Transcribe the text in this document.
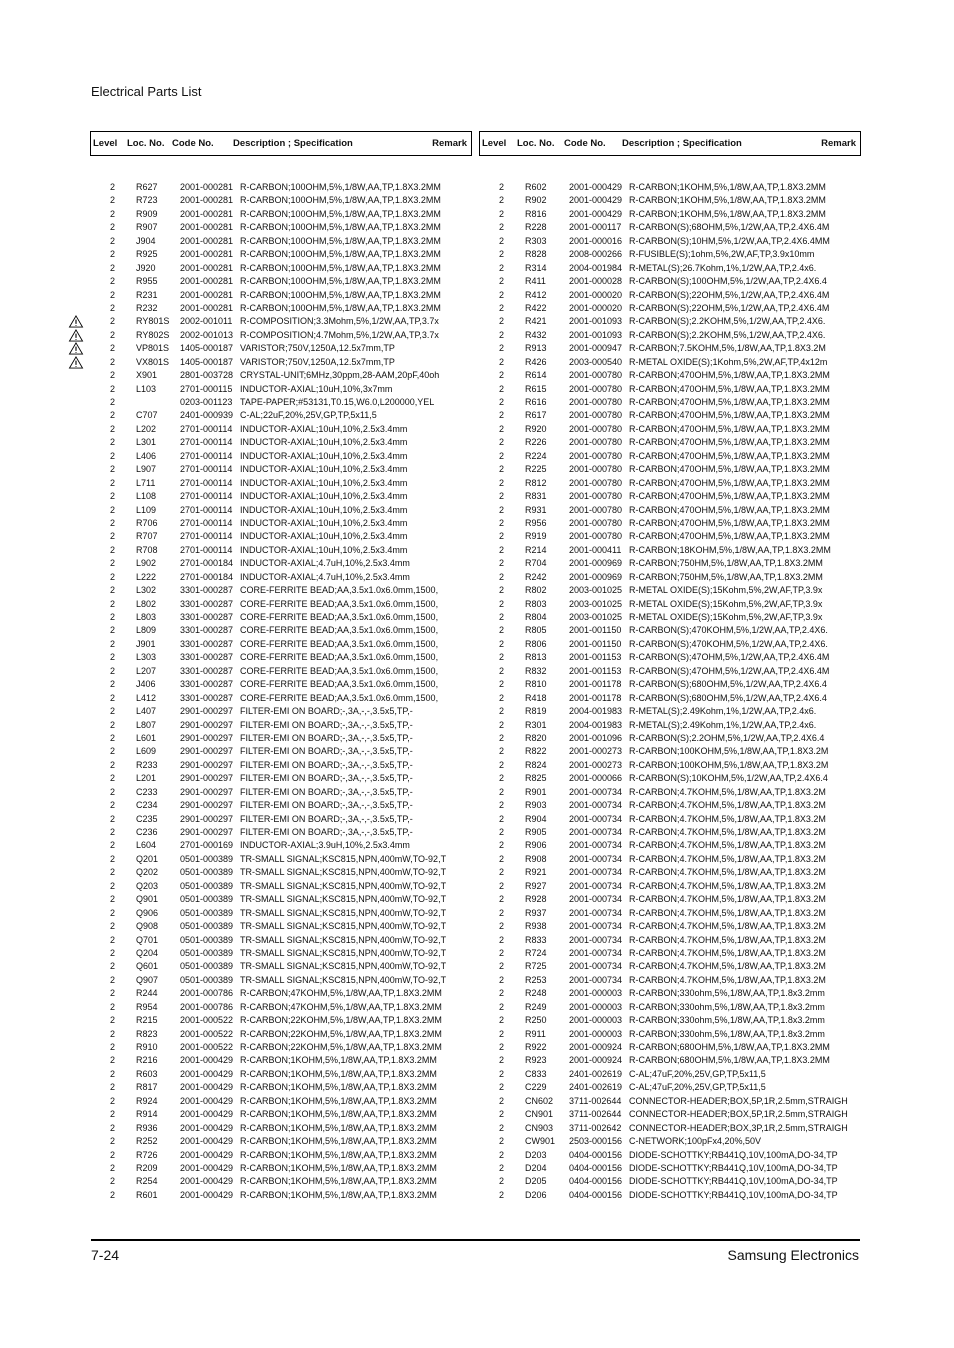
Electrical Parts List
Level Loc. No. Code No. Description ; Specification	Remark Level Loc. No. Code No. Description ; Specification	Remark
2 R627 2001-000281 R-CARBON;100OHM,5%,1/8W,AA,TP,1.8X3.2MM
2 R723 2001-000281 R-CARBON;100OHM,5%,1/8W,AA,TP,1.8X3.2MM
2 R909 2001-000281 R-CARBON;100OHM,5%,1/8W,AA,TP,1.8X3.2MM
2 R907 2001-000281 R-CARBON;100OHM,5%,1/8W,AA,TP,1.8X3.2MM
2 J904	2001-000281 R-CARBON;100OHM,5%,1/8W,AA,TP,1.8X3.2MM
2 R925 2001-000281 R-CARBON;100OHM,5%,1/8W,AA,TP,1.8X3.2MM
2 J920	2001-000281 R-CARBON;100OHM,5%,1/8W,AA,TP,1.8X3.2MM
2 R955 2001-000281 R-CARBON;100OHM,5%,1/8W,AA,TP,1.8X3.2MM
2 R231 2001-000281 R-CARBON;100OHM,5%,1/8W,AA,TP,1.8X3.2MM
2 R232 2001-000281 R-CARBON;100OHM,5%,1/8W,AA,TP,1.8X3.2MM
2 RY801S 2002-001011 R-COMPOSITION;3.3Mohm,5%,1/2W,AA,TP,3.7x
2 RY802S 2002-001013 R-COMPOSITION;4.7Mohm,5%,1/2W,AA,TP,3.7x
2 VP801S 1405-000187 VARISTOR;750V,1250A,12.5x7mm,TP
2 VX801S 1405-000187 VARISTOR;750V,1250A,12.5x7mm,TP
2 X901	2801-003728 CRYSTAL-UNIT;6MHz,30ppm,28-AAM,20pF,40oh
2 L103	2701-000115 INDUCTOR-AXIAL;10uH,10%,3x7mm
2	0203-001123 TAPE-PAPER;#53131,T0.15,W6.0,L200000,YEL
2 C707 2401-000939 C-AL;22uF,20%,25V,GP,TP,5x11,5
2 L202	2701-000114 INDUCTOR-AXIAL;10uH,10%,2.5x3.4mm
2 L301	2701-000114 INDUCTOR-AXIAL;10uH,10%,2.5x3.4mm
2 L406	2701-000114 INDUCTOR-AXIAL;10uH,10%,2.5x3.4mm
2 L907	2701-000114 INDUCTOR-AXIAL;10uH,10%,2.5x3.4mm
2 L711	2701-000114 INDUCTOR-AXIAL;10uH,10%,2.5x3.4mm
2 L108	2701-000114 INDUCTOR-AXIAL;10uH,10%,2.5x3.4mm
2 L109	2701-000114 INDUCTOR-AXIAL;10uH,10%,2.5x3.4mm
2 R706 2701-000114 INDUCTOR-AXIAL;10uH,10%,2.5x3.4mm
2 R707 2701-000114 INDUCTOR-AXIAL;10uH,10%,2.5x3.4mm
2 R708 2701-000114 INDUCTOR-AXIAL;10uH,10%,2.5x3.4mm
2 L902	2701-000184 INDUCTOR-AXIAL;4.7uH,10%,2.5x3.4mm
2 L222	2701-000184 INDUCTOR-AXIAL;4.7uH,10%,2.5x3.4mm
2 L302	3301-000287 CORE-FERRITE BEAD;AA,3.5x1.0x6.0mm,1500,
2 L802	3301-000287 CORE-FERRITE BEAD;AA,3.5x1.0x6.0mm,1500,
2 L803	3301-000287 CORE-FERRITE BEAD;AA,3.5x1.0x6.0mm,1500,
2 L809	3301-000287 CORE-FERRITE BEAD;AA,3.5x1.0x6.0mm,1500,
2 J901	3301-000287 CORE-FERRITE BEAD;AA,3.5x1.0x6.0mm,1500,
2 L303	3301-000287 CORE-FERRITE BEAD;AA,3.5x1.0x6.0mm,1500,
2 L207	3301-000287 CORE-FERRITE BEAD;AA,3.5x1.0x6.0mm,1500,
2 J406	3301-000287 CORE-FERRITE BEAD;AA,3.5x1.0x6.0mm,1500,
2 L412	3301-000287 CORE-FERRITE BEAD;AA,3.5x1.0x6.0mm,1500,
2 L407	2901-000297 FILTER-EMI ON BOARD;-,3A,-,-,3.5x5,TP,-
2 L807	2901-000297 FILTER-EMI ON BOARD;-,3A,-,-,3.5x5,TP,-
2 L601	2901-000297 FILTER-EMI ON BOARD;-,3A,-,-,3.5x5,TP,-
2 L609	2901-000297 FILTER-EMI ON BOARD;-,3A,-,-,3.5x5,TP,-
2 R233 2901-000297 FILTER-EMI ON BOARD;-,3A,-,-,3.5x5,TP,-
2 L201	2901-000297 FILTER-EMI ON BOARD;-,3A,-,-,3.5x5,TP,-
2 C233 2901-000297 FILTER-EMI ON BOARD;-,3A,-,-,3.5x5,TP,-
2 C234 2901-000297 FILTER-EMI ON BOARD;-,3A,-,-,3.5x5,TP,-
2 C235 2901-000297 FILTER-EMI ON BOARD;-,3A,-,-,3.5x5,TP,-
2 C236 2901-000297 FILTER-EMI ON BOARD;-,3A,-,-,3.5x5,TP,-
2 L604	2701-000169 INDUCTOR-AXIAL;3.9uH,10%,2.5x3.4mm
2 Q201 0501-000389 TR-SMALL SIGNAL;KSC815,NPN,400mW,TO-92,T
2 Q202 0501-000389 TR-SMALL SIGNAL;KSC815,NPN,400mW,TO-92,T
2 Q203 0501-000389 TR-SMALL SIGNAL;KSC815,NPN,400mW,TO-92,T
2 Q901 0501-000389 TR-SMALL SIGNAL;KSC815,NPN,400mW,TO-92,T
2 Q906 0501-000389 TR-SMALL SIGNAL;KSC815,NPN,400mW,TO-92,T
2 Q908 0501-000389 TR-SMALL SIGNAL;KSC815,NPN,400mW,TO-92,T
2 Q701 0501-000389 TR-SMALL SIGNAL;KSC815,NPN,400mW,TO-92,T
2 Q204 0501-000389 TR-SMALL SIGNAL;KSC815,NPN,400mW,TO-92,T
2 Q601 0501-000389 TR-SMALL SIGNAL;KSC815,NPN,400mW,TO-92,T
2 Q907 0501-000389 TR-SMALL SIGNAL;KSC815,NPN,400mW,TO-92,T
2 R244 2001-000786 R-CARBON;47KOHM,5%,1/8W,AA,TP,1.8X3.2MM
2 R954 2001-000786 R-CARBON;47KOHM,5%,1/8W,AA,TP,1.8X3.2MM
2 R215 2001-000522 R-CARBON;22KOHM,5%,1/8W,AA,TP,1.8X3.2MM
2 R823 2001-000522 R-CARBON;22KOHM,5%,1/8W,AA,TP,1.8X3.2MM
2 R910 2001-000522 R-CARBON;22KOHM,5%,1/8W,AA,TP,1.8X3.2MM
2 R216 2001-000429 R-CARBON;1KOHM,5%,1/8W,AA,TP,1.8X3.2MM
2 R603 2001-000429 R-CARBON;1KOHM,5%,1/8W,AA,TP,1.8X3.2MM
2 R817 2001-000429 R-CARBON;1KOHM,5%,1/8W,AA,TP,1.8X3.2MM
2 R924 2001-000429 R-CARBON;1KOHM,5%,1/8W,AA,TP,1.8X3.2MM
2 R914 2001-000429 R-CARBON;1KOHM,5%,1/8W,AA,TP,1.8X3.2MM
2 R936 2001-000429 R-CARBON;1KOHM,5%,1/8W,AA,TP,1.8X3.2MM
2 R252 2001-000429 R-CARBON;1KOHM,5%,1/8W,AA,TP,1.8X3.2MM
2 R726 2001-000429 R-CARBON;1KOHM,5%,1/8W,AA,TP,1.8X3.2MM
2 R209 2001-000429 R-CARBON;1KOHM,5%,1/8W,AA,TP,1.8X3.2MM
2 R254 2001-000429 R-CARBON;1KOHM,5%,1/8W,AA,TP,1.8X3.2MM
2 R601 2001-000429 R-CARBON;1KOHM,5%,1/8W,AA,TP,1.8X3.2MM
2 R602 2001-000429 R-CARBON;1KOHM,5%,1/8W,AA,TP,1.8X3.2MM
2 R902 2001-000429 R-CARBON;1KOHM,5%,1/8W,AA,TP,1.8X3.2MM
2 R816 2001-000429 R-CARBON;1KOHM,5%,1/8W,AA,TP,1.8X3.2MM
2 R228 2001-000117 R-CARBON(S);68OHM,5%,1/2W,AA,TP,2.4X6.4M
2 R303 2001-000016 R-CARBON(S);10HM,5%,1/2W,AA,TP,2.4X6.4MM
2 R828 2008-000266 R-FUSIBLE(S);1ohm,5%,2W,AF,TP,3.9x10mm
2 R314 2004-001984 R-METAL(S);26.7Kohm,1%,1/2W,AA,TP,2.4x6.
2 R411	2001-000028 R-CARBON(S);100OHM,5%,1/2W,AA,TP,2.4X6.4
2 R412 2001-000020 R-CARBON(S);22OHM,5%,1/2W,AA,TP,2.4X6.4M
2 R422 2001-000020 R-CARBON(S);22OHM,5%,1/2W,AA,TP,2.4X6.4M
2 R421 2001-001093 R-CARBON(S);2.2KOHM,5%,1/2W,AA,TP,2.4X6.
2 R432 2001-001093 R-CARBON(S);2.2KOHM,5%,1/2W,AA,TP,2.4X6.
2 R913 2001-000947 R-CARBON;7.5KOHM,5%,1/8W,AA,TP,1.8X3.2M
2 R426 2003-000540 R-METAL OXIDE(S);1Kohm,5%,2W,AF,TP,4x12m
2 R614 2001-000780 R-CARBON;470OHM,5%,1/8W,AA,TP,1.8X3.2MM
2 R615 2001-000780 R-CARBON;470OHM,5%,1/8W,AA,TP,1.8X3.2MM
2 R616 2001-000780 R-CARBON;470OHM,5%,1/8W,AA,TP,1.8X3.2MM
2 R617 2001-000780 R-CARBON;470OHM,5%,1/8W,AA,TP,1.8X3.2MM
2 R920 2001-000780 R-CARBON;470OHM,5%,1/8W,AA,TP,1.8X3.2MM
2 R226 2001-000780 R-CARBON;470OHM,5%,1/8W,AA,TP,1.8X3.2MM
2 R224 2001-000780 R-CARBON;470OHM,5%,1/8W,AA,TP,1.8X3.2MM
2 R225 2001-000780 R-CARBON;470OHM,5%,1/8W,AA,TP,1.8X3.2MM
2 R812 2001-000780 R-CARBON;470OHM,5%,1/8W,AA,TP,1.8X3.2MM
2 R831 2001-000780 R-CARBON;470OHM,5%,1/8W,AA,TP,1.8X3.2MM
2 R931 2001-000780 R-CARBON;470OHM,5%,1/8W,AA,TP,1.8X3.2MM
2 R956 2001-000780 R-CARBON;470OHM,5%,1/8W,AA,TP,1.8X3.2MM
2 R919 2001-000780 R-CARBON;470OHM,5%,1/8W,AA,TP,1.8X3.2MM
2 R214 2001-000411 R-CARBON;18KOHM,5%,1/8W,AA,TP,1.8X3.2MM
2 R704 2001-000969 R-CARBON;750HM,5%,1/8W,AA,TP,1.8X3.2MM
2 R242 2001-000969 R-CARBON;750HM,5%,1/8W,AA,TP,1.8X3.2MM
2 R802 2003-001025 R-METAL OXIDE(S);15Kohm,5%,2W,AF,TP,3.9x
2 R803 2003-001025 R-METAL OXIDE(S);15Kohm,5%,2W,AF,TP,3.9x
2 R804 2003-001025 R-METAL OXIDE(S);15Kohm,5%,2W,AF,TP,3.9x
2 R805 2001-001150 R-CARBON(S);470KOHM,5%,1/2W,AA,TP,2.4X6.
2 R806 2001-001150 R-CARBON(S);470KOHM,5%,1/2W,AA,TP,2.4X6.
2 R813 2001-001153 R-CARBON(S);47OHM,5%,1/2W,AA,TP,2.4X6.4M
2 R832 2001-001153 R-CARBON(S);47OHM,5%,1/2W,AA,TP,2.4X6.4M
2 R810 2001-001178 R-CARBON(S);680OHM,5%,1/2W,AA,TP,2.4X6.4
2 R418 2001-001178 R-CARBON(S);680OHM,5%,1/2W,AA,TP,2.4X6.4
2 R819 2004-001983 R-METAL(S);2.49Kohm,1%,1/2W,AA,TP,2.4x6.
2 R301 2004-001983 R-METAL(S);2.49Kohm,1%,1/2W,AA,TP,2.4x6.
2 R820 2001-001096 R-CARBON(S);2.2OHM,5%,1/2W,AA,TP,2.4X6.4
2 R822 2001-000273 R-CARBON;100KOHM,5%,1/8W,AA,TP,1.8X3.2M
2 R824 2001-000273 R-CARBON;100KOHM,5%,1/8W,AA,TP,1.8X3.2M
2 R825 2001-000066 R-CARBON(S);10KOHM,5%,1/2W,AA,TP,2.4X6.4
2 R901 2001-000734 R-CARBON;4.7KOHM,5%,1/8W,AA,TP,1.8X3.2M
2 R903 2001-000734 R-CARBON;4.7KOHM,5%,1/8W,AA,TP,1.8X3.2M
2 R904 2001-000734 R-CARBON;4.7KOHM,5%,1/8W,AA,TP,1.8X3.2M
2 R905 2001-000734 R-CARBON;4.7KOHM,5%,1/8W,AA,TP,1.8X3.2M
2 R906 2001-000734 R-CARBON;4.7KOHM,5%,1/8W,AA,TP,1.8X3.2M
2 R908 2001-000734 R-CARBON;4.7KOHM,5%,1/8W,AA,TP,1.8X3.2M
2 R921 2001-000734 R-CARBON;4.7KOHM,5%,1/8W,AA,TP,1.8X3.2M
2 R927 2001-000734 R-CARBON;4.7KOHM,5%,1/8W,AA,TP,1.8X3.2M
2 R928 2001-000734 R-CARBON;4.7KOHM,5%,1/8W,AA,TP,1.8X3.2M
2 R937 2001-000734 R-CARBON;4.7KOHM,5%,1/8W,AA,TP,1.8X3.2M
2 R938 2001-000734 R-CARBON;4.7KOHM,5%,1/8W,AA,TP,1.8X3.2M
2 R833 2001-000734 R-CARBON;4.7KOHM,5%,1/8W,AA,TP,1.8X3.2M
2 R724 2001-000734 R-CARBON;4.7KOHM,5%,1/8W,AA,TP,1.8X3.2M
2 R725 2001-000734 R-CARBON;4.7KOHM,5%,1/8W,AA,TP,1.8X3.2M
2 R253 2001-000734 R-CARBON;4.7KOHM,5%,1/8W,AA,TP,1.8X3.2M
2 R248 2001-000003 R-CARBON;330ohm,5%,1/8W,AA,TP,1.8x3.2mm
2 R249 2001-000003 R-CARBON;330ohm,5%,1/8W,AA,TP,1.8x3.2mm
2 R250 2001-000003 R-CARBON;330ohm,5%,1/8W,AA,TP,1.8x3.2mm
2 R911	2001-000003 R-CARBON;330ohm,5%,1/8W,AA,TP,1.8x3.2mm
2 R922 2001-000924 R-CARBON;680OHM,5%,1/8W,AA,TP,1.8X3.2MM
2 R923 2001-000924 R-CARBON;680OHM,5%,1/8W,AA,TP,1.8X3.2MM
2 C833 2401-002619 C-AL;47uF,20%,25V,GP,TP,5x11,5
2 C229 2401-002619 C-AL;47uF,20%,25V,GP,TP,5x11,5
2 CN602 3711-002644 CONNECTOR-HEADER;BOX,5P,1R,2.5mm,STRAIGH
2 CN901 3711-002644 CONNECTOR-HEADER;BOX,5P,1R,2.5mm,STRAIGH
2 CN903 3711-002642 CONNECTOR-HEADER;BOX,3P,1R,2.5mm,STRAIGH
2 CW901 2503-000156 C-NETWORK;100pFx4,20%,50V
2 D203 0404-000156 DIODE-SCHOTTKY;RB441Q,10V,100mA,DO-34,TP
2 D204 0404-000156 DIODE-SCHOTTKY;RB441Q,10V,100mA,DO-34,TP
2 D205 0404-000156 DIODE-SCHOTTKY;RB441Q,10V,100mA,DO-34,TP
2 D206 0404-000156 DIODE-SCHOTTKY;RB441Q,10V,100mA,DO-34,TP
7-24	Samsung Electronics
